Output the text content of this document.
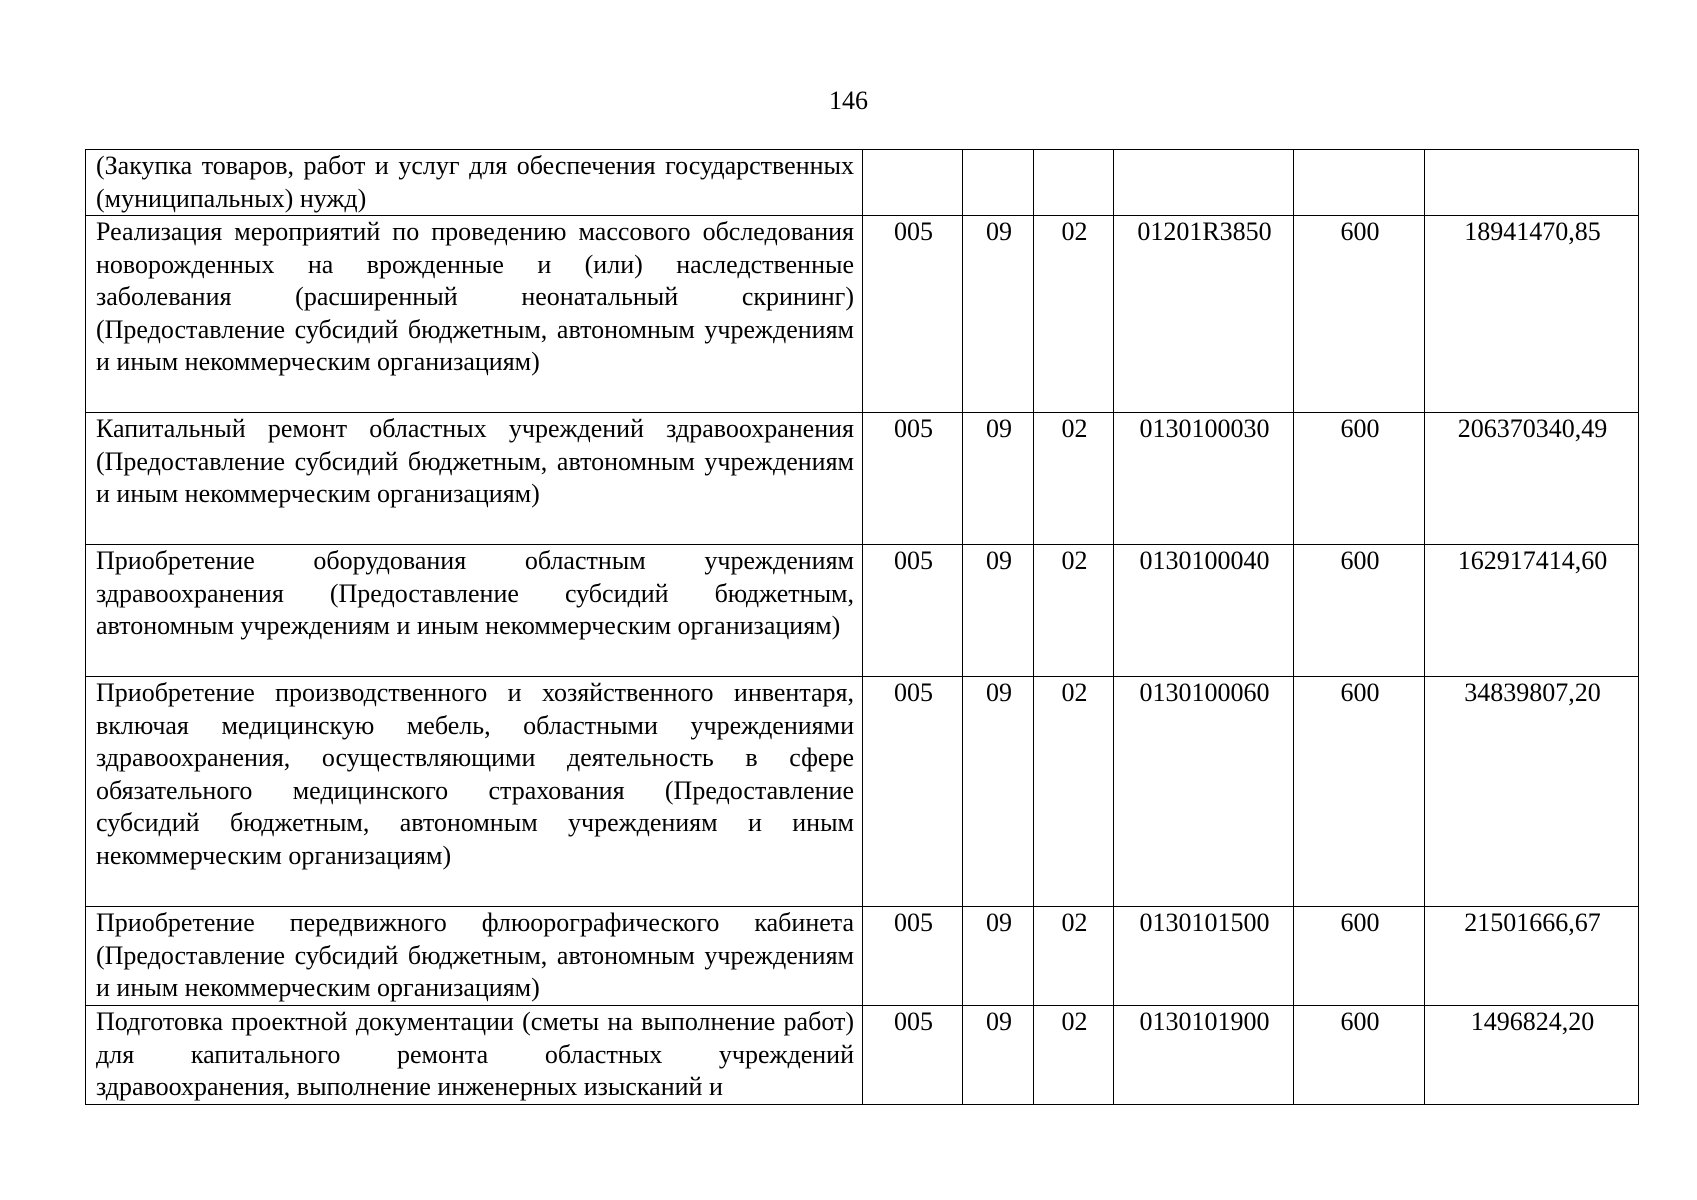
146
(Закупка товаров, работ и услуг для обеспечения государственных (муниципальных) нужд)						
Реализация мероприятий по проведению массового обследования новорожденных на врожденные и (или) наследственные заболевания (расширенный неонатальный скрининг) (Предоставление субсидий бюджетным, автономным учреждениям и иным некоммерческим организациям)	005	09	02	01201R3850	600	18941470,85
Капитальный ремонт областных учреждений здравоохранения (Предоставление субсидий бюджетным, автономным учреждениям и иным некоммерческим организациям)	005	09	02	0130100030	600	206370340,49
Приобретение оборудования областным учреждениям здравоохранения (Предоставление субсидий бюджетным, автономным учреждениям и иным некоммерческим организациям)	005	09	02	0130100040	600	162917414,60
Приобретение производственного и хозяйственного инвентаря, включая медицинскую мебель, областными учреждениями здравоохранения, осуществляющими деятельность в сфере обязательного медицинского страхования (Предоставление субсидий бюджетным, автономным учреждениям и иным некоммерческим организациям)	005	09	02	0130100060	600	34839807,20
Приобретение передвижного флюорографического кабинета (Предоставление субсидий бюджетным, автономным учреждениям и иным некоммерческим организациям)	005	09	02	0130101500	600	21501666,67
Подготовка проектной документации (сметы на выполнение работ) для капитального ремонта областных учреждений здравоохранения, выполнение инженерных изысканий и	005	09	02	0130101900	600	1496824,20
